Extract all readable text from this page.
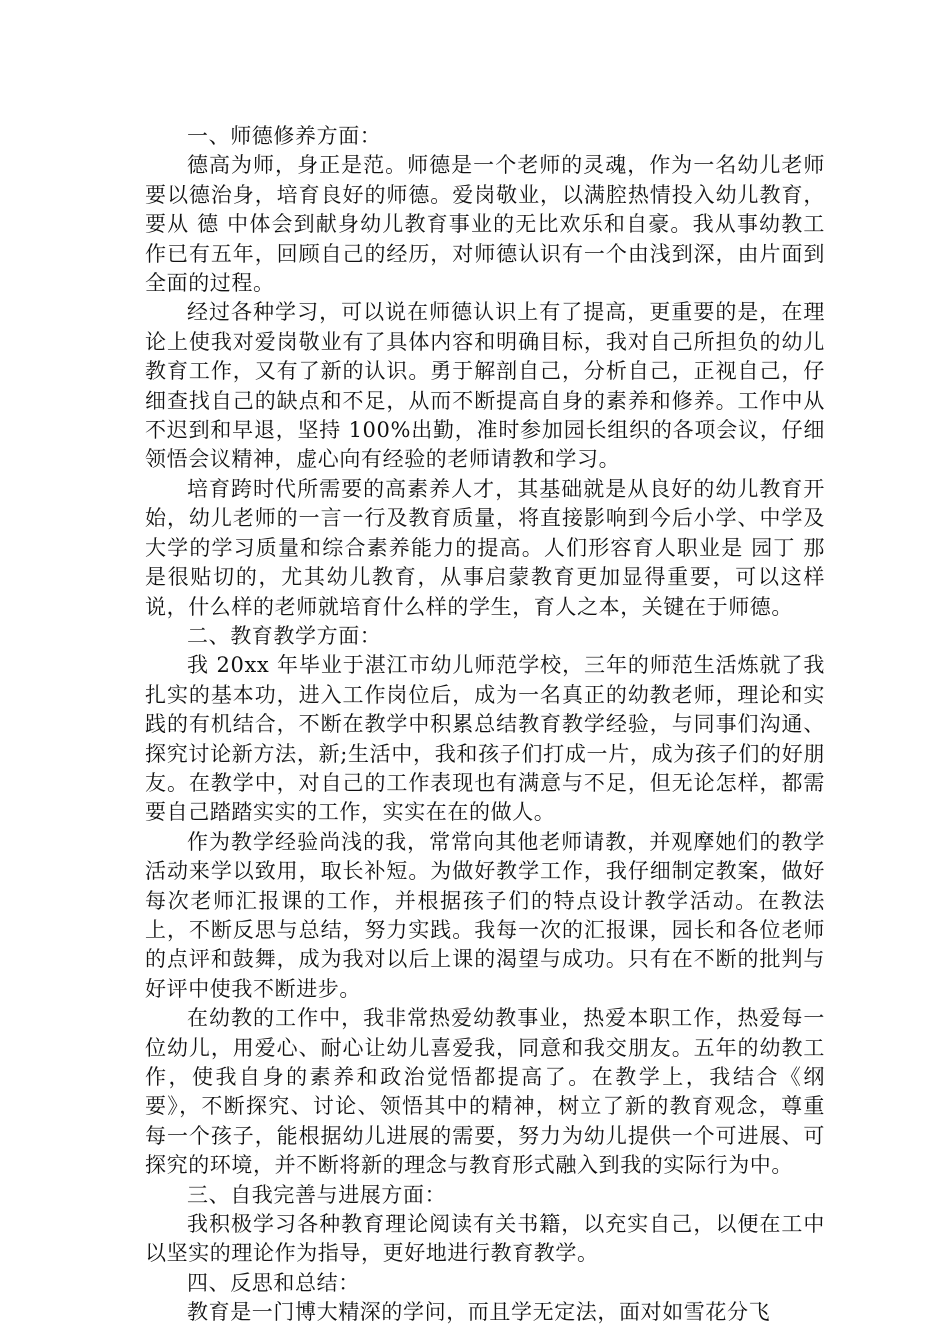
一、师德修养方面：

德高为师，身正是范。师德是一个老师的灵魂，作为一名幼儿老师要以德治身，培育良好的师德。爱岗敬业，以满腔热情投入幼儿教育，要从 德 中体会到献身幼儿教育事业的无比欢乐和自豪。我从事幼教工作已有五年，回顾自己的经历，对师德认识有一个由浅到深，由片面到全面的过程。

经过各种学习，可以说在师德认识上有了提高，更重要的是，在理论上使我对爱岗敬业有了具体内容和明确目标，我对自己所担负的幼儿教育工作，又有了新的认识。勇于解剖自己，分析自己，正视自己，仔细查找自己的缺点和不足，从而不断提高自身的素养和修养。工作中从不迟到和早退，坚持 100%出勤，准时参加园长组织的各项会议，仔细领悟会议精神，虚心向有经验的老师请教和学习。

培育跨时代所需要的高素养人才，其基础就是从良好的幼儿教育开始，幼儿老师的一言一行及教育质量，将直接影响到今后小学、中学及大学的学习质量和综合素养能力的提高。人们形容育人职业是 园丁 那是很贴切的，尤其幼儿教育，从事启蒙教育更加显得重要，可以这样说，什么样的老师就培育什么样的学生，育人之本，关键在于师德。

二、教育教学方面：

我 20xx 年毕业于湛江市幼儿师范学校，三年的师范生活炼就了我扎实的基本功，进入工作岗位后，成为一名真正的幼教老师，理论和实践的有机结合，不断在教学中积累总结教育教学经验，与同事们沟通、探究讨论新方法，新;生活中，我和孩子们打成一片，成为孩子们的好朋友。在教学中，对自己的工作表现也有满意与不足，但无论怎样，都需要自己踏踏实实的工作，实实在在的做人。

作为教学经验尚浅的我，常常向其他老师请教，并观摩她们的教学活动来学以致用，取长补短。为做好教学工作，我仔细制定教案，做好每次老师汇报课的工作，并根据孩子们的特点设计教学活动。在教法上，不断反思与总结，努力实践。我每一次的汇报课，园长和各位老师的点评和鼓舞，成为我对以后上课的渴望与成功。只有在不断的批判与好评中使我不断进步。

在幼教的工作中，我非常热爱幼教事业，热爱本职工作，热爱每一位幼儿，用爱心、耐心让幼儿喜爱我，同意和我交朋友。五年的幼教工作，使我自身的素养和政治觉悟都提高了。在教学上，我结合《纲要》，不断探究、讨论、领悟其中的精神，树立了新的教育观念，尊重每一个孩子，能根据幼儿进展的需要，努力为幼儿提供一个可进展、可探究的环境，并不断将新的理念与教育形式融入到我的实际行为中。

三、自我完善与进展方面：

我积极学习各种教育理论阅读有关书籍，以充实自己，以便在工中以坚实的理论作为指导，更好地进行教育教学。

四、反思和总结：

教育是一门博大精深的学问，而且学无定法，面对如雪花分飞
